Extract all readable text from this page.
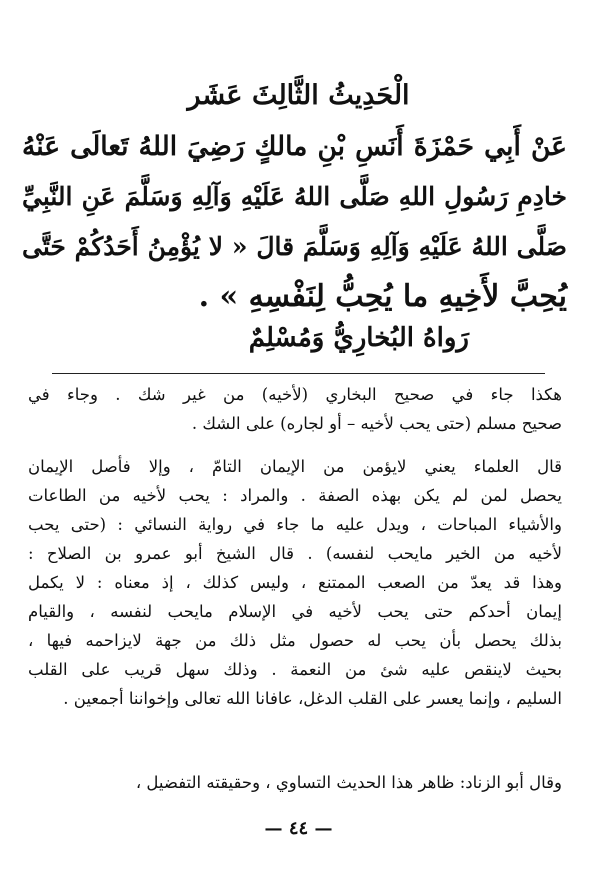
الْحَدِيثُ الثَّالِثَ عَشَر
عَنْ أَبِي حَمْزَةَ أَنَسِ بْنِ مالكٍ رَضِيَ اللهُ تَعالَى عَنْهُ
خادِمِ رَسُولِ اللهِ صَلَّى اللهُ عَلَيْهِ وَآلِهِ وَسَلَّمَ عَنِ النَّبِيِّ
صَلَّى اللهُ عَلَيْهِ وَآلِهِ وَسَلَّمَ قالَ « لا يُؤْمِنُ أَحَدُكُمْ حَتَّى
يُحِبَّ لأَخِيهِ ما يُحِبُّ لِنَفْسِهِ » .
رَواهُ البُخارِيُّ وَمُسْلِمٌ
هكذا جاء في صحيح البخاري (لأخيه) من غير شك . وجاء في
صحيح مسلم (حتى يحب لأخيه – أو لجاره) على الشك .
قال العلماء يعني لايؤمن من الإيمان التامّ ، وإلا فأصل الإيمان
يحصل لمن لم يكن بهذه الصفة . والمراد : يحب لأخيه من الطاعات
والأشياء المباحات ، ويدل عليه ما جاء في رواية النسائي : (حتى يحب
لأخيه من الخير مايحب لنفسه) . قال الشيخ أبو عمرو بن الصلاح :
وهذا قد يعدّ من الصعب الممتنع ، وليس كذلك ، إذ معناه : لا يكمل
إيمان أحدكم حتى يحب لأخيه في الإسلام مايحب لنفسه ، والقيام
بذلك يحصل بأن يحب له حصول مثل ذلك من جهة لايزاحمه فيها ،
بحيث لاينقص عليه شئ من النعمة . وذلك سهل قريب على القلب
السليم ، وإنما يعسر على القلب الدغل، عافانا الله تعالى وإخواننا أجمعين .
وقال أبو الزناد: ظاهر هذا الحديث التساوي ، وحقيقته التفضيل ،
— ٤٤ —
